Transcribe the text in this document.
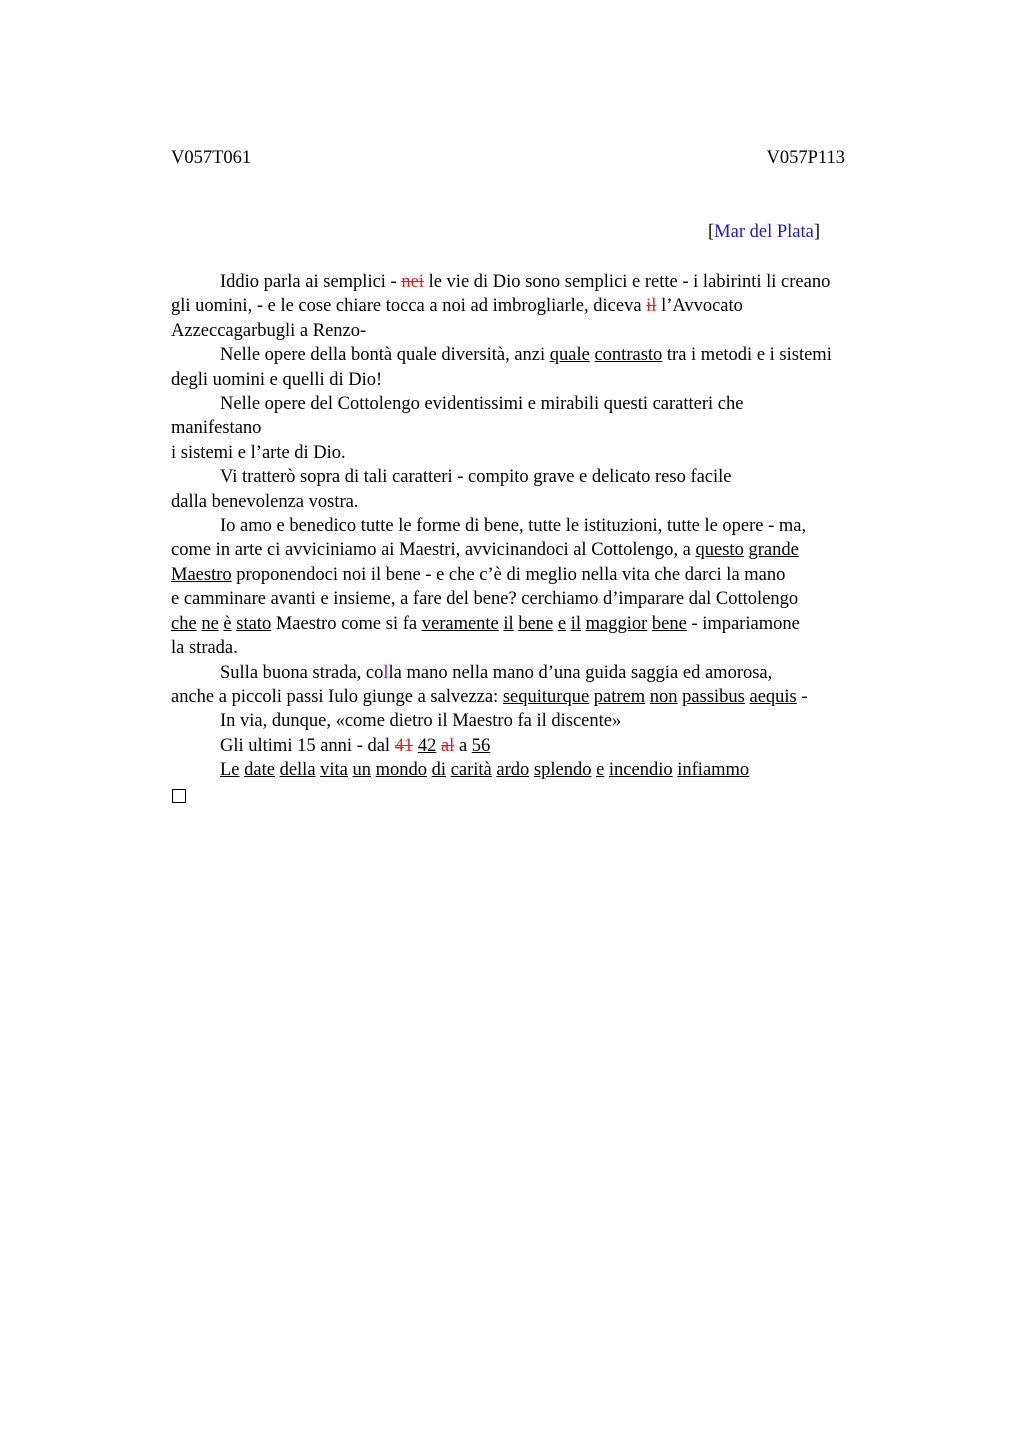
V057T061	V057P113
[Mar del Plata]
Iddio parla ai semplici - nei le vie di Dio sono semplici e rette - i labirinti li creano
gli uomini, - e le cose chiare tocca a noi ad imbrogliarle, diceva il l’Avvocato
Azzeccagarbugli a Renzo-
Nelle opere della bontà quale diversità, anzi quale contrasto tra i metodi e i sistemi
degli uomini e quelli di Dio!
Nelle opere del Cottolengo evidentissimi e mirabili questi caratteri che
manifestano
i sistemi e l’arte di Dio.
Vi tratterò sopra di tali caratteri - compito grave e delicato reso facile
dalla benevolenza vostra.
Io amo e benedico tutte le forme di bene, tutte le istituzioni, tutte le opere - ma,
come in arte ci avviciniamo ai Maestri, avvicinandoci al Cottolengo, a questo grande
Maestro proponendoci noi il bene - e che c’è di meglio nella vita che darci la mano
e camminare avanti e insieme, a fare del bene? cerchiamo d’imparare dal Cottolengo
che ne è stato Maestro come si fa veramente il bene e il maggior bene - impariamone
la strada.
Sulla buona strada, colla mano nella mano d’una guida saggia ed amorosa,
anche a piccoli passi Iulo giunge a salvezza: sequiturque patrem non passibus aequis -
In via, dunque, «come dietro il Maestro fa il discente»
Gli ultimi 15 anni - dal 41 42 al a 56
Le date della vita un mondo di carità ardo splendo e incendio infiammo
